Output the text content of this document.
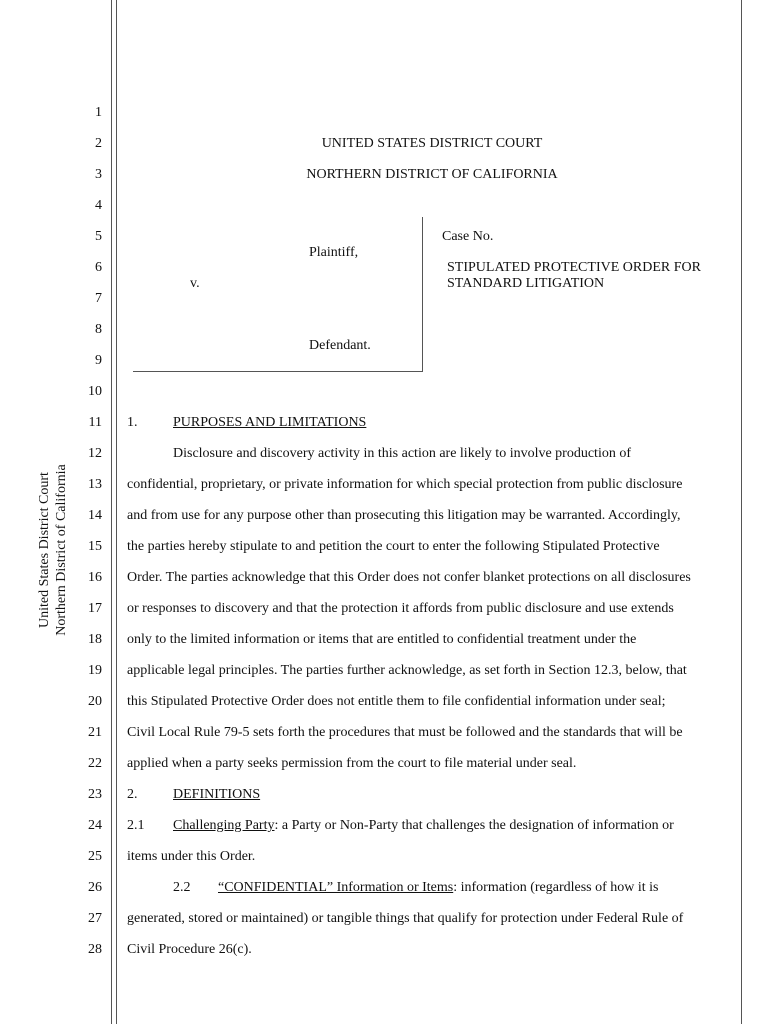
United States District Court Northern District of California
1
2
3
4
5
6
7
8
9
10
11
12
13
14
15
16
17
18
19
20
21
22
23
24
25
26
27
28
UNITED STATES DISTRICT COURT
NORTHERN DISTRICT OF CALIFORNIA
Plaintiff,
v.
Defendant.
Case No.
STIPULATED PROTECTIVE ORDER FOR
STANDARD LITIGATION
1.	PURPOSES AND LIMITATIONS
Disclosure and discovery activity in this action are likely to involve production of
confidential, proprietary, or private information for which special protection from public disclosure
and from use for any purpose other than prosecuting this litigation may be warranted. Accordingly,
the parties hereby stipulate to and petition the court to enter the following Stipulated Protective
Order. The parties acknowledge that this Order does not confer blanket protections on all disclosures
or responses to discovery and that the protection it affords from public disclosure and use extends
only to the limited information or items that are entitled to confidential treatment under the
applicable legal principles. The parties further acknowledge, as set forth in Section 12.3, below, that
this Stipulated Protective Order does not entitle them to file confidential information under seal;
Civil Local Rule 79-5 sets forth the procedures that must be followed and the standards that will be
applied when a party seeks permission from the court to file material under seal.
2.	DEFINITIONS
2.1 Challenging Party: a Party or Non-Party that challenges the designation of information or
items under this Order.
2.2 “CONFIDENTIAL” Information or Items: information (regardless of how it is
generated, stored or maintained) or tangible things that qualify for protection under Federal Rule of
Civil Procedure 26(c).
